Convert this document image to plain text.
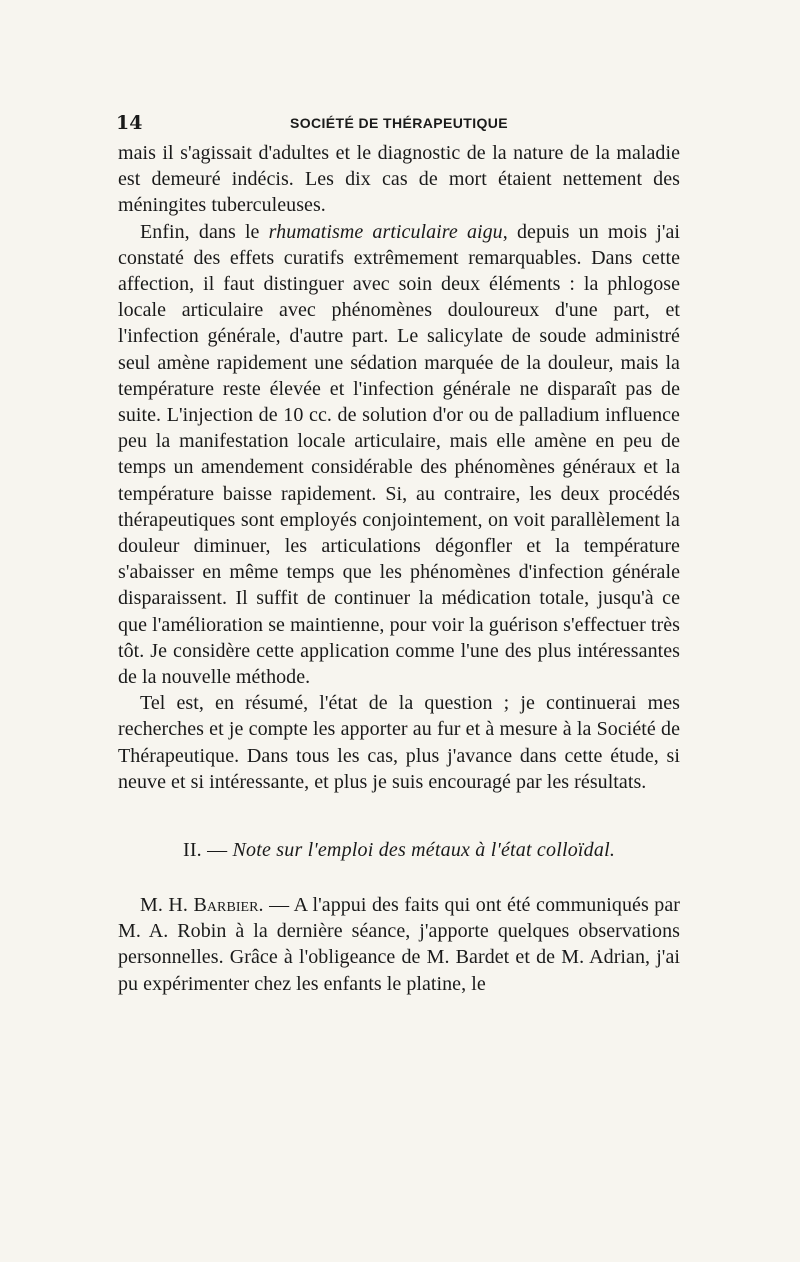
14	SOCIÉTÉ DE THÉRAPEUTIQUE

mais il s'agissait d'adultes et le diagnostic de la nature de la maladie est demeuré indécis. Les dix cas de mort étaient nettement des méningites tuberculeuses.

Enfin, dans le rhumatisme articulaire aigu, depuis un mois j'ai constaté des effets curatifs extrêmement remarquables. Dans cette affection, il faut distinguer avec soin deux éléments : la phlogose locale articulaire avec phénomènes douloureux d'une part, et l'infection générale, d'autre part. Le salicylate de soude administré seul amène rapidement une sédation marquée de la douleur, mais la température reste élevée et l'infection générale ne disparaît pas de suite. L'injection de 10 cc. de solution d'or ou de palladium influence peu la manifestation locale articulaire, mais elle amène en peu de temps un amendement considérable des phénomènes généraux et la température baisse rapidement. Si, au contraire, les deux procédés thérapeutiques sont employés conjointement, on voit parallèlement la douleur diminuer, les articulations dégonfler et la température s'abaisser en même temps que les phénomènes d'infection générale disparaissent. Il suffit de continuer la médication totale, jusqu'à ce que l'amélioration se maintienne, pour voir la guérison s'effectuer très tôt. Je considère cette application comme l'une des plus intéressantes de la nouvelle méthode.

Tel est, en résumé, l'état de la question ; je continuerai mes recherches et je compte les apporter au fur et à mesure à la Société de Thérapeutique. Dans tous les cas, plus j'avance dans cette étude, si neuve et si intéressante, et plus je suis encouragé par les résultats.

II. — Note sur l'emploi des métaux à l'état colloïdal.

M. H. Barbier. — A l'appui des faits qui ont été communiqués par M. A. Robin à la dernière séance, j'apporte quelques observations personnelles. Grâce à l'obligeance de M. Bardet et de M. Adrian, j'ai pu expérimenter chez les enfants le platine, le
